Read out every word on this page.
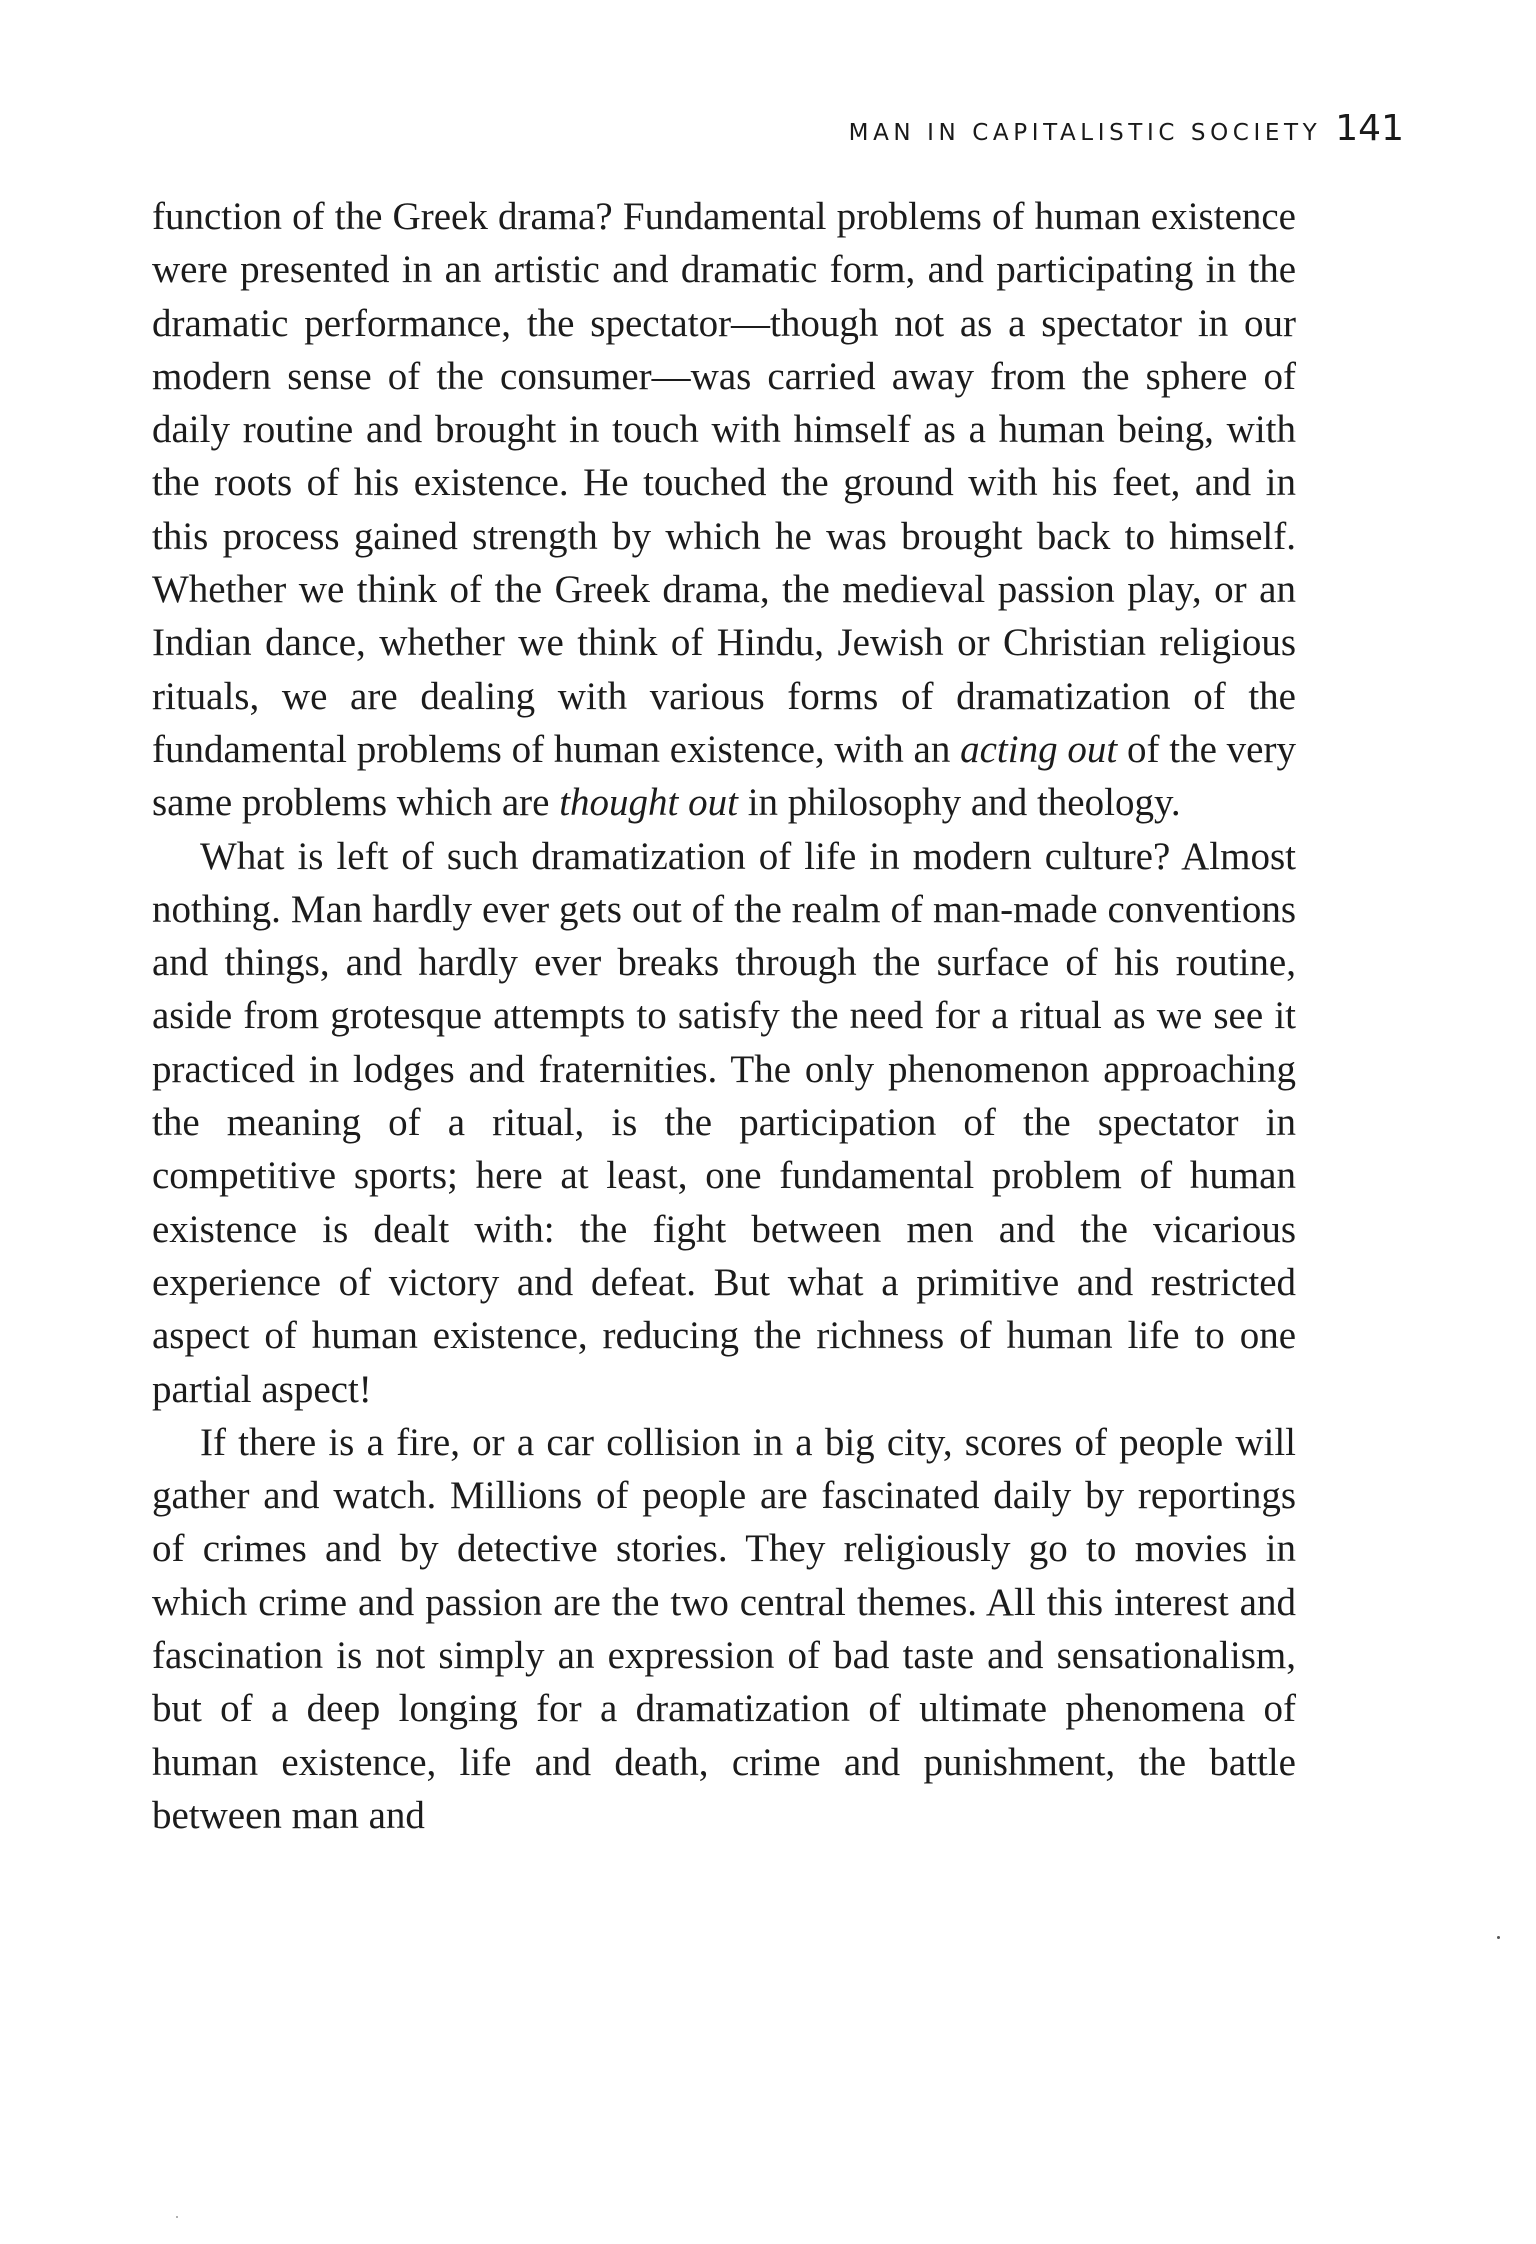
MAN IN CAPITALISTIC SOCIETY 141

function of the Greek drama? Fundamental problems of human existence were presented in an artistic and dramatic form, and participating in the dramatic performance, the spectator—though not as a spectator in our modern sense of the consumer—was carried away from the sphere of daily routine and brought in touch with himself as a human being, with the roots of his existence. He touched the ground with his feet, and in this process gained strength by which he was brought back to himself. Whether we think of the Greek drama, the medieval passion play, or an Indian dance, whether we think of Hindu, Jewish or Christian religious rituals, we are dealing with various forms of dramatization of the fundamental problems of human existence, with an acting out of the very same problems which are thought out in philosophy and theology.

What is left of such dramatization of life in modern culture? Almost nothing. Man hardly ever gets out of the realm of man-made conventions and things, and hardly ever breaks through the surface of his routine, aside from grotesque attempts to satisfy the need for a ritual as we see it practiced in lodges and fraternities. The only phenomenon approaching the meaning of a ritual, is the participation of the spectator in competitive sports; here at least, one fundamental problem of human existence is dealt with: the fight between men and the vicarious experience of victory and defeat. But what a primitive and restricted aspect of human existence, reducing the richness of human life to one partial aspect!

If there is a fire, or a car collision in a big city, scores of people will gather and watch. Millions of people are fascinated daily by reportings of crimes and by detective stories. They religiously go to movies in which crime and passion are the two central themes. All this interest and fascination is not simply an expression of bad taste and sensationalism, but of a deep longing for a dramatization of ultimate phenomena of human existence, life and death, crime and punishment, the battle between man and
